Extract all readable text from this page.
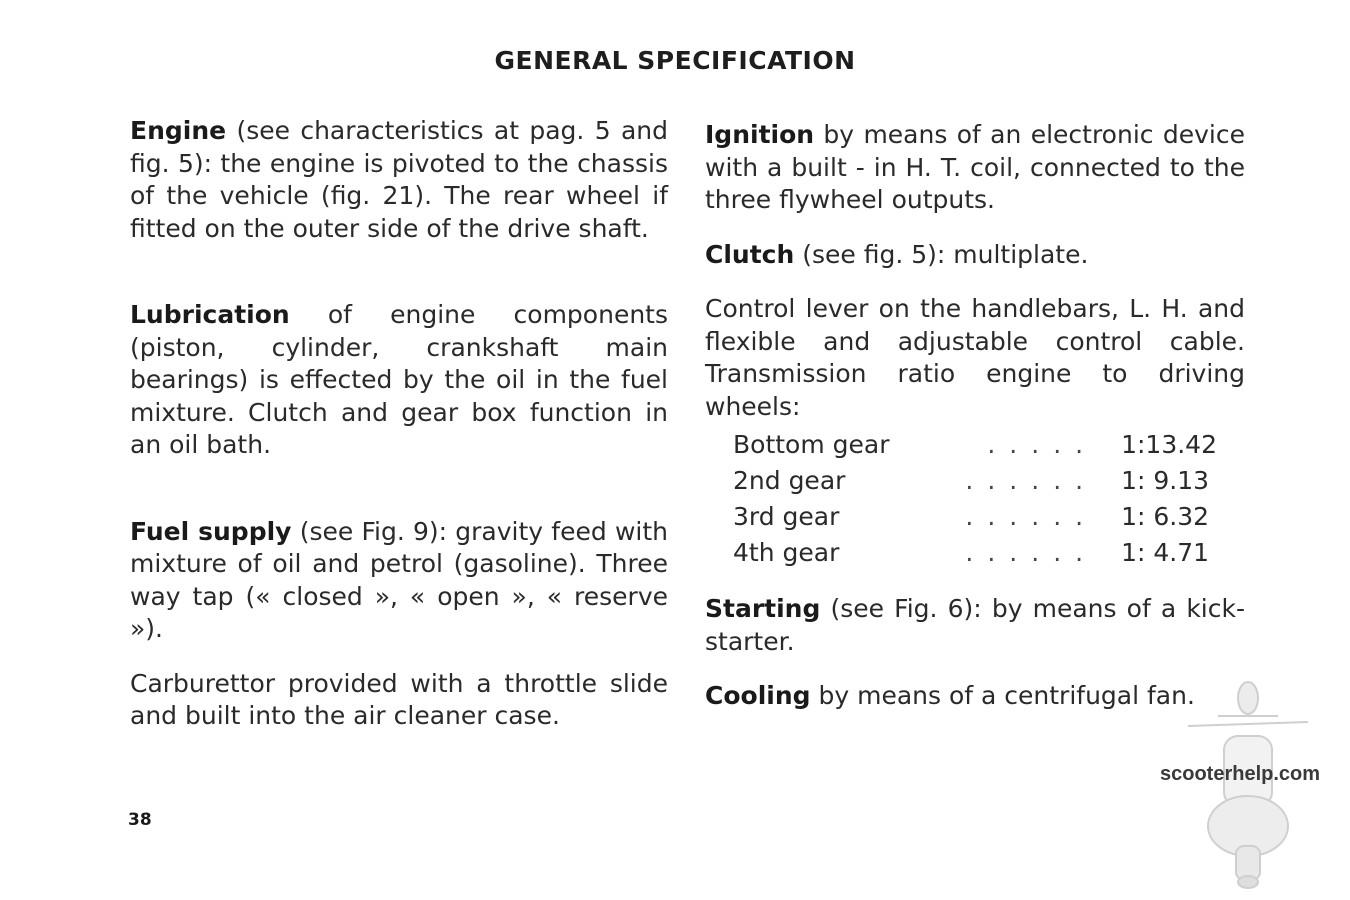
GENERAL SPECIFICATION

Engine (see characteristics at pag. 5 and fig. 5): the engine is pivoted to the chassis of the vehicle (fig. 21). The rear wheel if fitted on the outer side of the drive shaft.

Lubrication of engine components (piston, cylinder, crankshaft main bearings) is effected by the oil in the fuel mixture. Clutch and gear box function in an oil bath.

Fuel supply (see Fig. 9): gravity feed with mixture of oil and petrol (gasoline). Three way tap (« closed », « open », « reserve »).

Carburettor provided with a throttle slide and built into the air cleaner case.

Ignition by means of an electronic device with a built - in H. T. coil, connected to the three flywheel outputs.

Clutch (see fig. 5): multiplate.

Control lever on the handlebars, L. H. and flexible and adjustable control cable. Transmission ratio engine to driving wheels:

Bottom gear	.....	1:13.42
2nd gear	......	1: 9.13
3rd gear	......	1: 6.32
4th gear	......	1: 4.71

Starting (see Fig. 6): by means of a kick-starter.

Cooling by means of a centrifugal fan.

38
scooterhelp.com
